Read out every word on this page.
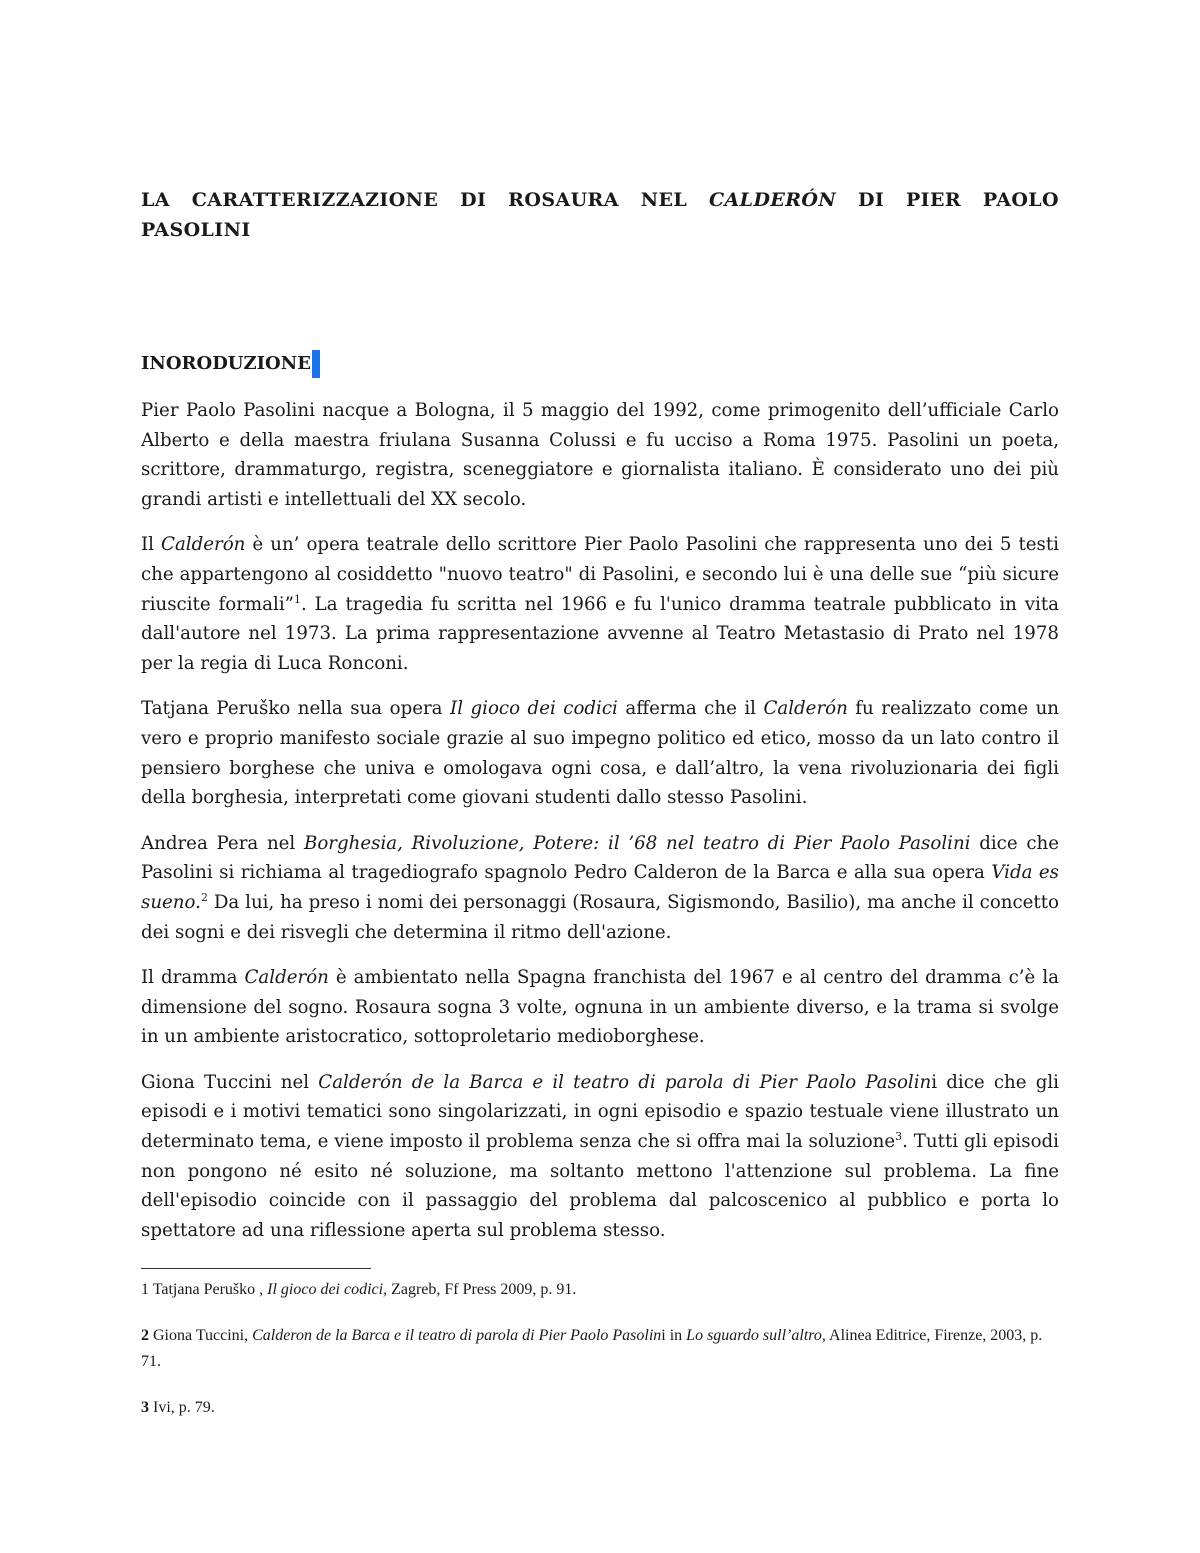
LA CARATTERIZZAZIONE DI ROSAURA NEL CALDERÓN DI PIER PAOLO
PASOLINI
INORODUZIONE

Pier Paolo Pasolini nacque a Bologna, il 5 maggio del 1992, come primogenito dell’ufficiale Carlo Alberto e della maestra friulana Susanna Colussi e fu ucciso a Roma 1975. Pasolini un poeta, scrittore, drammaturgo, registra, sceneggiatore e giornalista italiano. È considerato uno dei più grandi artisti e intellettuali del XX secolo.

Il Calderón è un’ opera teatrale dello scrittore Pier Paolo Pasolini che rappresenta uno dei 5 testi che appartengono al cosiddetto "nuovo teatro" di Pasolini, e secondo lui è una delle sue “più sicure riuscite formali”$^1$. La tragedia fu scritta nel 1966 e fu l'unico dramma teatrale pubblicato in vita dall'autore nel 1973. La prima rappresentazione avvenne al Teatro Metastasio di Prato nel 1978 per la regia di Luca Ronconi.

Tatjana Peruško nella sua opera Il gioco dei codici afferma che il Calderón fu realizzato come un vero e proprio manifesto sociale grazie al suo impegno politico ed etico, mosso da un lato contro il pensiero borghese che univa e omologava ogni cosa, e dall’altro, la vena rivoluzionaria dei figli della borghesia, interpretati come giovani studenti dallo stesso Pasolini.

Andrea Pera nel Borghesia, Rivoluzione, Potere: il ’68 nel teatro di Pier Paolo Pasolini dice che Pasolini si richiama al tragediografo spagnolo Pedro Calderon de la Barca e alla sua opera Vida es sueno.$^2$ Da lui, ha preso i nomi dei personaggi (Rosaura, Sigismondo, Basilio), ma anche il concetto dei sogni e dei risvegli che determina il ritmo dell'azione.

Il dramma Calderón è ambientato nella Spagna franchista del 1967 e al centro del dramma c’è la dimensione del sogno. Rosaura sogna 3 volte, ognuna in un ambiente diverso, e la trama si svolge in un ambiente aristocratico, sottoproletario medioborghese.

Giona Tuccini nel Calderón de la Barca e il teatro di parola di Pier Paolo Pasolini dice che gli episodi e i motivi tematici sono singolarizzati, in ogni episodio e spazio testuale viene illustrato un determinato tema, e viene imposto il problema senza che si offra mai la soluzione$^3$. Tutti gli episodi non pongono né esito né soluzione, ma soltanto mettono l'attenzione sul problema. La fine dell'episodio coincide con il passaggio del problema dal palcoscenico al pubblico e porta lo spettatore ad una riflessione aperta sul problema stesso.

1 Tatjana Peruško , Il gioco dei codici, Zagreb, Ff Press 2009, p. 91.

2 Giona Tuccini, Calderon de la Barca e il teatro di parola di Pier Paolo Pasolini in Lo sguardo sull’altro, Alinea Editrice, Firenze, 2003, p. 71.

3 Ivi, p. 79.
